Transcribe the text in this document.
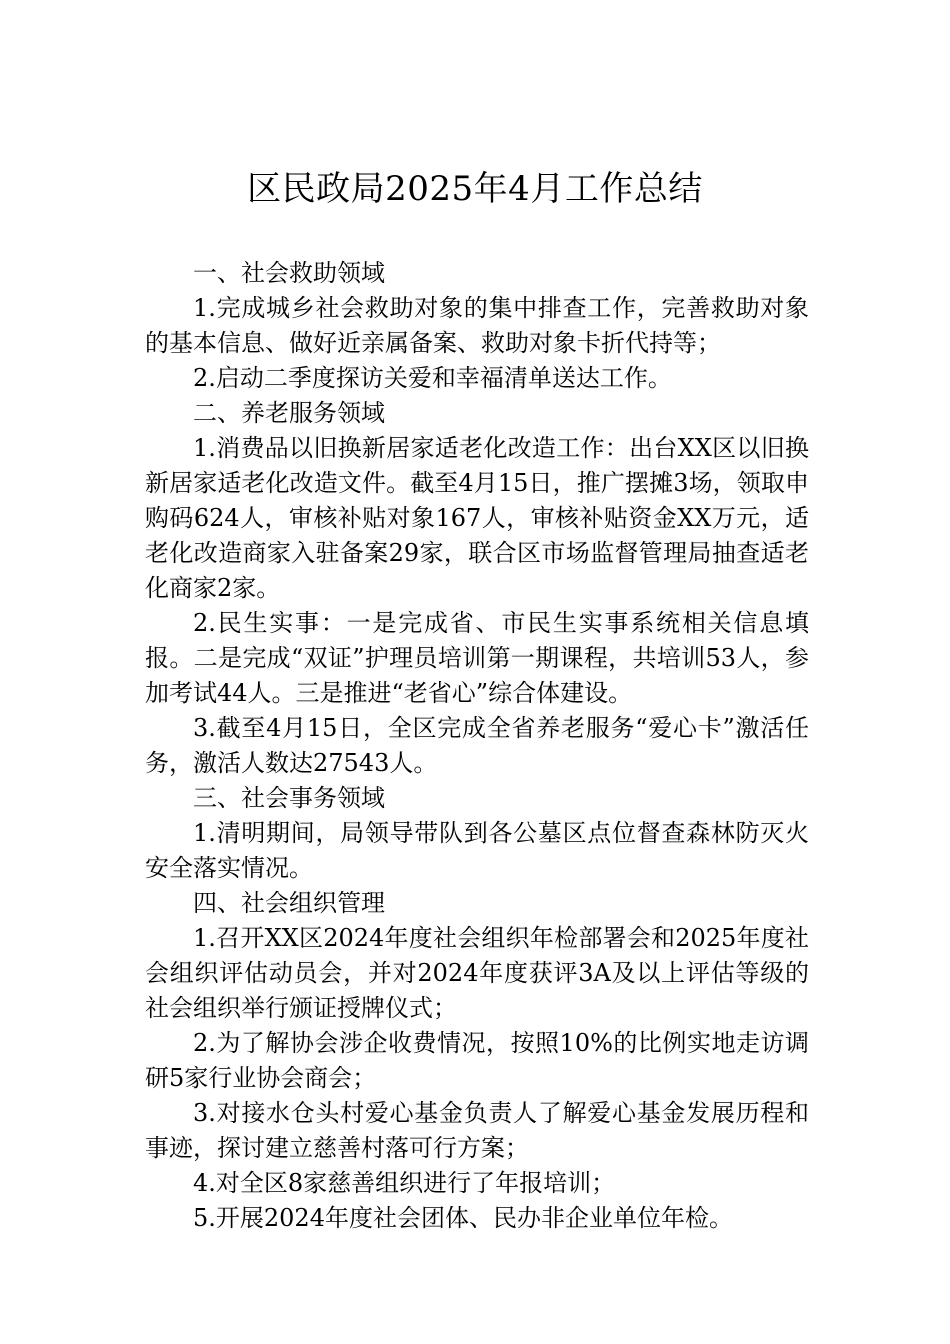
区民政局2025年4月工作总结

一、社会救助领域

1.完成城乡社会救助对象的集中排查工作，完善救助对象的基本信息、做好近亲属备案、救助对象卡折代持等；

2.启动二季度探访关爱和幸福清单送达工作。

二、养老服务领域

1.消费品以旧换新居家适老化改造工作：出台XX区以旧换新居家适老化改造文件。截至4月15日，推广摆摊3场，领取申购码624人，审核补贴对象167人，审核补贴资金XX万元，适老化改造商家入驻备案29家，联合区市场监督管理局抽查适老化商家2家。

2.民生实事：一是完成省、市民生实事系统相关信息填报。二是完成“双证”护理员培训第一期课程，共培训53人，参加考试44人。三是推进“老省心”综合体建设。

3.截至4月15日，全区完成全省养老服务“爱心卡”激活任务，激活人数达27543人。

三、社会事务领域

1.清明期间，局领导带队到各公墓区点位督查森林防灭火安全落实情况。

四、社会组织管理

1.召开XX区2024年度社会组织年检部署会和2025年度社会组织评估动员会，并对2024年度获评3A及以上评估等级的社会组织举行颁证授牌仪式；

2.为了解协会涉企收费情况，按照10%的比例实地走访调研5家行业协会商会；

3.对接水仓头村爱心基金负责人了解爱心基金发展历程和事迹，探讨建立慈善村落可行方案；

4.对全区8家慈善组织进行了年报培训；

5.开展2024年度社会团体、民办非企业单位年检。
